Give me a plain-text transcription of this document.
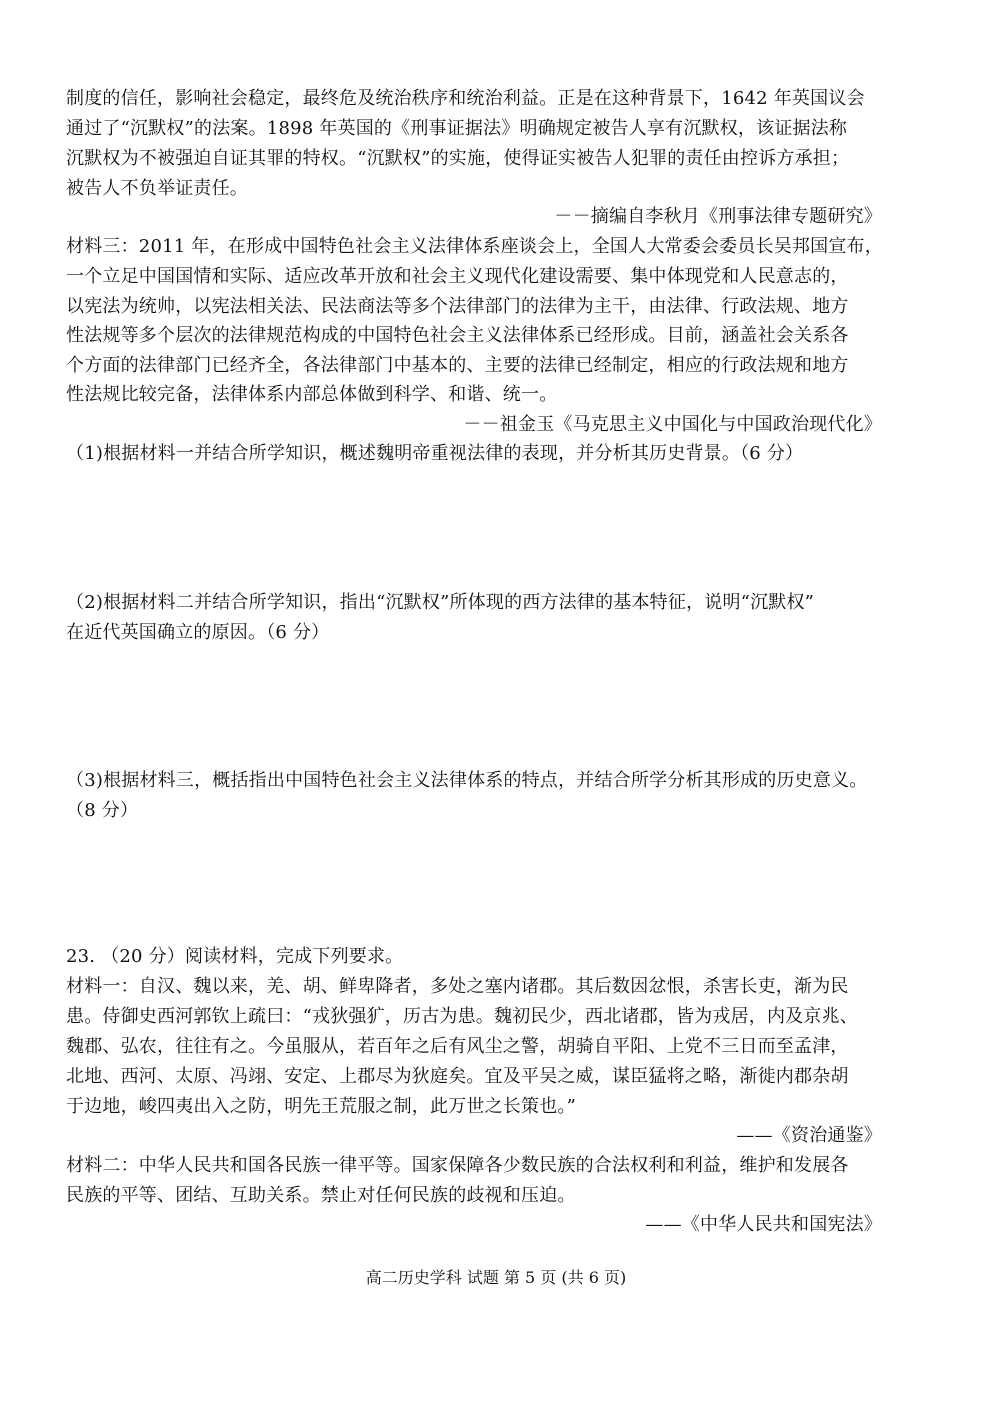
制度的信任，影响社会稳定，最终危及统治秩序和统治利益。正是在这种背景下，1642 年英国议会
通过了“沉默权”的法案。1898 年英国的《刑事证据法》明确规定被告人享有沉默权，该证据法称
沉默权为不被强迫自证其罪的特权。“沉默权”的实施，使得证实被告人犯罪的责任由控诉方承担；
被告人不负举证责任。
－－摘编自李秋月《刑事法律专题研究》
材料三：2011 年，在形成中国特色社会主义法律体系座谈会上，全国人大常委会委员长吴邦国宣布，
一个立足中国国情和实际、适应改革开放和社会主义现代化建设需要、集中体现党和人民意志的，
以宪法为统帅，以宪法相关法、民法商法等多个法律部门的法律为主干，由法律、行政法规、地方
性法规等多个层次的法律规范构成的中国特色社会主义法律体系已经形成。目前，涵盖社会关系各
个方面的法律部门已经齐全，各法律部门中基本的、主要的法律已经制定，相应的行政法规和地方
性法规比较完备，法律体系内部总体做到科学、和谐、统一。
－－祖金玉《马克思主义中国化与中国政治现代化》
（1)根据材料一并结合所学知识，概述魏明帝重视法律的表现，并分析其历史背景。（6 分）
（2)根据材料二并结合所学知识，指出“沉默权”所体现的西方法律的基本特征，说明“沉默权”
在近代英国确立的原因。（6 分）
（3)根据材料三，概括指出中国特色社会主义法律体系的特点，并结合所学分析其形成的历史意义。
（8 分）
23. （20 分）阅读材料，完成下列要求。
材料一：自汉、魏以来，羌、胡、鲜卑降者，多处之塞内诸郡。其后数因忿恨，杀害长吏，渐为民
患。侍御史西河郭钦上疏曰：“戎狄强犷，历古为患。魏初民少，西北诸郡，皆为戎居，内及京兆、
魏郡、弘农，往往有之。今虽服从，若百年之后有风尘之警，胡骑自平阳、上党不三日而至孟津，
北地、西河、太原、冯翊、安定、上郡尽为狄庭矣。宜及平吴之威，谋臣猛将之略，渐徙内郡杂胡
于边地，峻四夷出入之防，明先王荒服之制，此万世之长策也。”
——《资治通鉴》
材料二：中华人民共和国各民族一律平等。国家保障各少数民族的合法权利和利益，维护和发展各
民族的平等、团结、互助关系。禁止对任何民族的歧视和压迫。
——《中华人民共和国宪法》
高二历史学科 试题 第 5 页 (共 6 页)
